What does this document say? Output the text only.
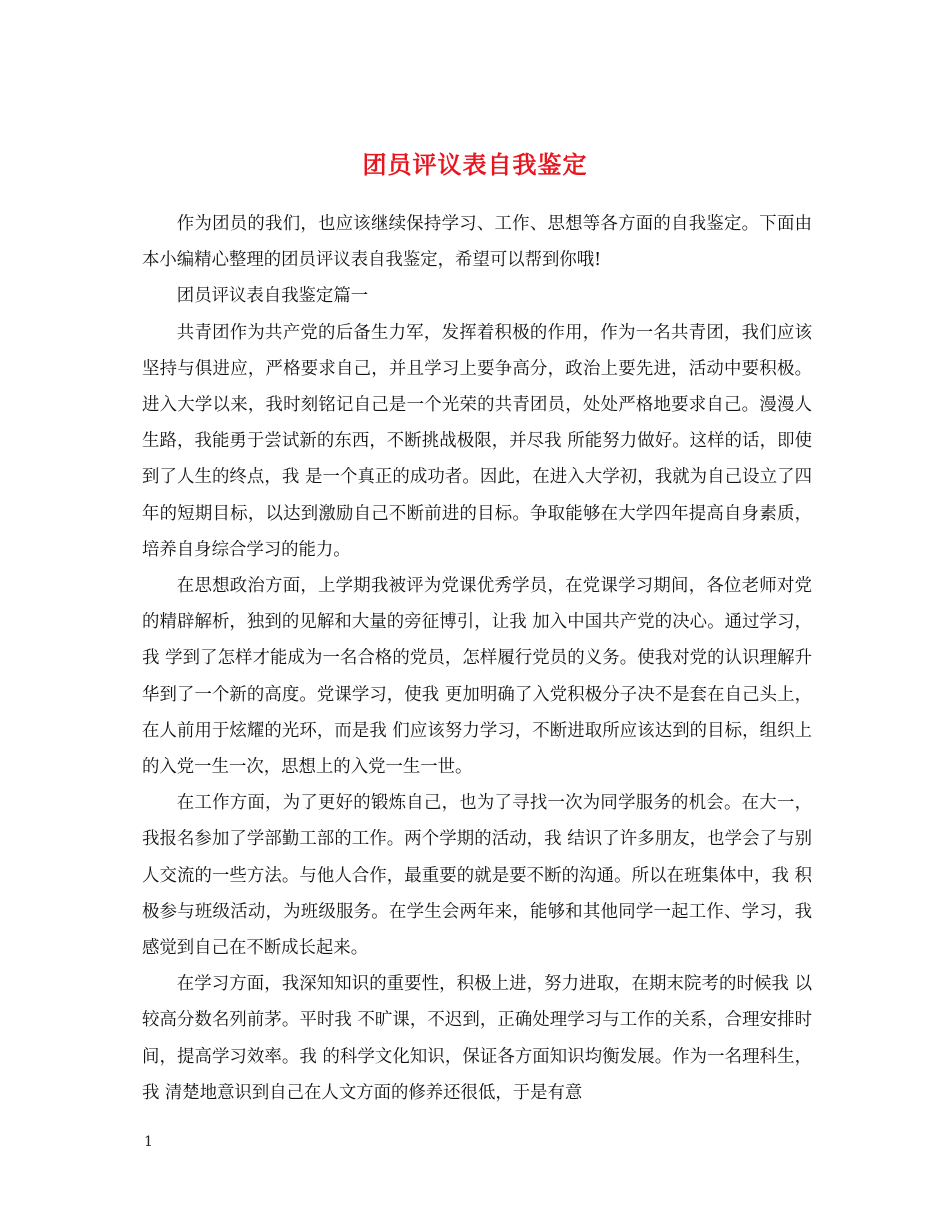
团员评议表自我鉴定

作为团员的我们，也应该继续保持学习、工作、思想等各方面的自我鉴定。下面由本小编精心整理的团员评议表自我鉴定，希望可以帮到你哦!

团员评议表自我鉴定篇一

共青团作为共产党的后备生力军，发挥着积极的作用，作为一名共青团，我们应该坚持与俱进应，严格要求自己，并且学习上要争高分，政治上要先进，活动中要积极。进入大学以来，我时刻铭记自己是一个光荣的共青团员，处处严格地要求自己。漫漫人生路，我能勇于尝试新的东西，不断挑战极限，并尽我 所能努力做好。这样的话，即使到了人生的终点，我 是一个真正的成功者。因此，在进入大学初，我就为自己设立了四年的短期目标，以达到激励自己不断前进的目标。争取能够在大学四年提高自身素质，培养自身综合学习的能力。

在思想政治方面，上学期我被评为党课优秀学员，在党课学习期间，各位老师对党的精辟解析，独到的见解和大量的旁征博引，让我 加入中国共产党的决心。通过学习，我 学到了怎样才能成为一名合格的党员，怎样履行党员的义务。使我对党的认识理解升华到了一个新的高度。党课学习，使我 更加明确了入党积极分子决不是套在自己头上，在人前用于炫耀的光环，而是我 们应该努力学习，不断进取所应该达到的目标，组织上的入党一生一次，思想上的入党一生一世。

在工作方面，为了更好的锻炼自己，也为了寻找一次为同学服务的机会。在大一，我报名参加了学部勤工部的工作。两个学期的活动，我 结识了许多朋友，也学会了与别人交流的一些方法。与他人合作，最重要的就是要不断的沟通。所以在班集体中，我 积极参与班级活动，为班级服务。在学生会两年来，能够和其他同学一起工作、学习，我 感觉到自己在不断成长起来。

在学习方面，我深知知识的重要性，积极上进，努力进取，在期末院考的时候我 以较高分数名列前茅。平时我 不旷课，不迟到，正确处理学习与工作的关系，合理安排时间，提高学习效率。我 的科学文化知识，保证各方面知识均衡发展。作为一名理科生，我 清楚地意识到自己在人文方面的修养还很低，于是有意

1
